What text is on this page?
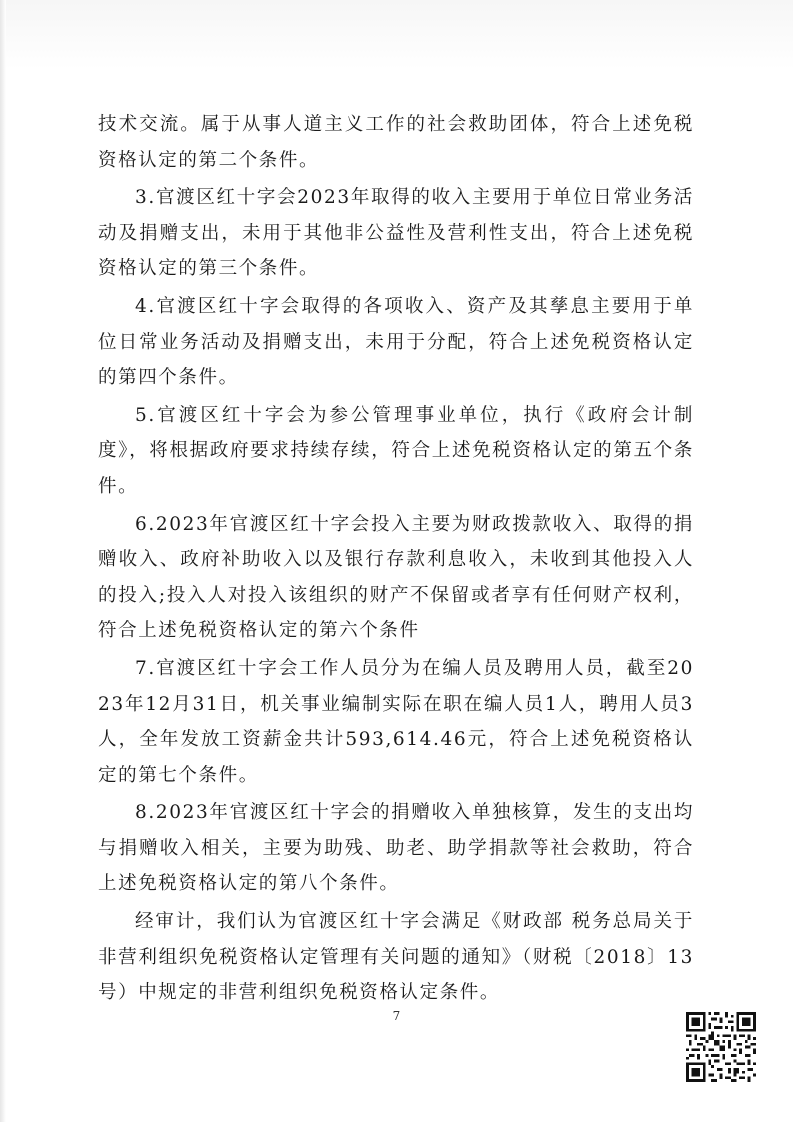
技术交流。属于从事人道主义工作的社会救助团体，符合上述免税资格认定的第二个条件。

3.官渡区红十字会2023年取得的收入主要用于单位日常业务活动及捐赠支出，未用于其他非公益性及营利性支出，符合上述免税资格认定的第三个条件。

4.官渡区红十字会取得的各项收入、资产及其孳息主要用于单位日常业务活动及捐赠支出，未用于分配，符合上述免税资格认定的第四个条件。

5.官渡区红十字会为参公管理事业单位，执行《政府会计制度》，将根据政府要求持续存续，符合上述免税资格认定的第五个条件。

6.2023年官渡区红十字会投入主要为财政拨款收入、取得的捐赠收入、政府补助收入以及银行存款利息收入，未收到其他投入人的投入;投入人对投入该组织的财产不保留或者享有任何财产权利，符合上述免税资格认定的第六个条件

7.官渡区红十字会工作人员分为在编人员及聘用人员，截至2023年12月31日，机关事业编制实际在职在编人员1人，聘用人员3人，全年发放工资薪金共计593,614.46元，符合上述免税资格认定的第七个条件。

8.2023年官渡区红十字会的捐赠收入单独核算，发生的支出均与捐赠收入相关，主要为助残、助老、助学捐款等社会救助，符合上述免税资格认定的第八个条件。

经审计，我们认为官渡区红十字会满足《财政部 税务总局关于非营利组织免税资格认定管理有关问题的通知》（财税〔2018〕13号）中规定的非营利组织免税资格认定条件。

7
